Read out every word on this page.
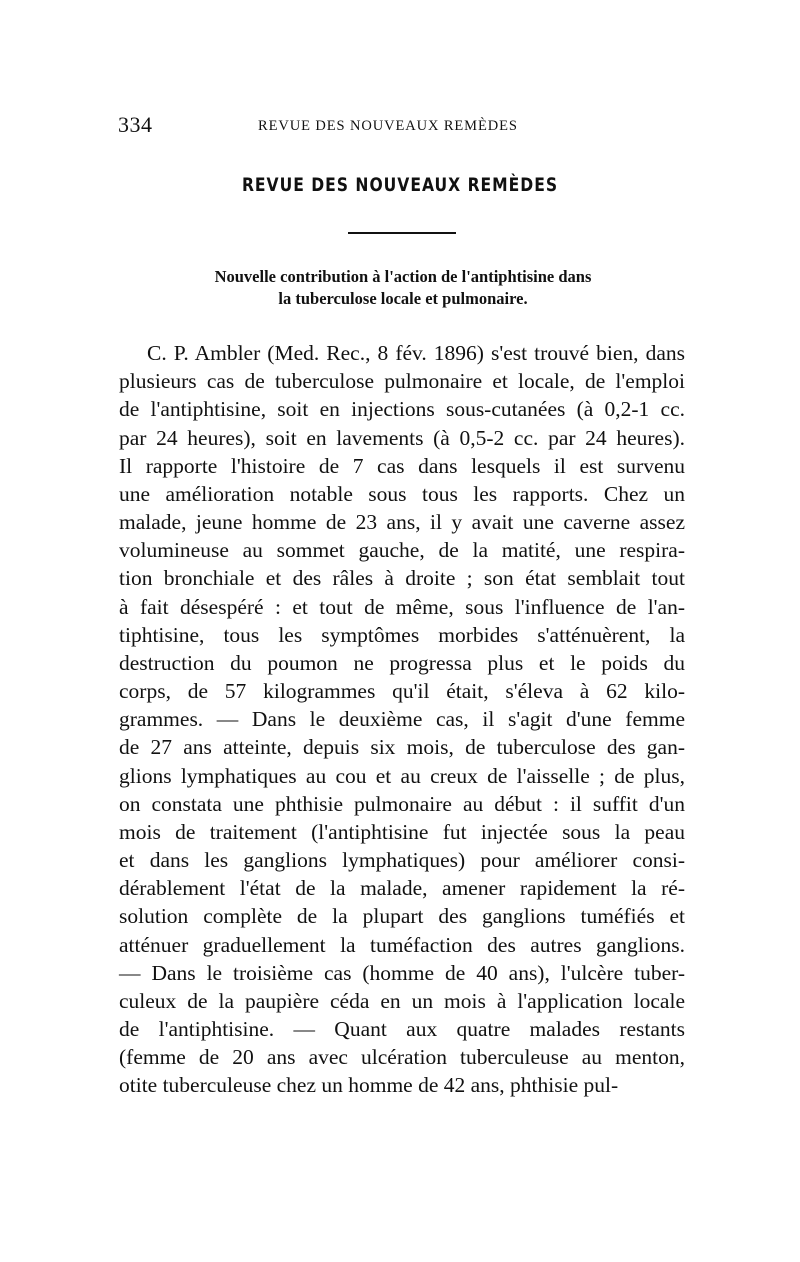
334	REVUE DES NOUVEAUX REMÈDES
REVUE DES NOUVEAUX REMÈDES
Nouvelle contribution à l'action de l'antiphtisine dans
la tuberculose locale et pulmonaire.
C. P. Ambler (Med. Rec., 8 fév. 1896) s'est trouvé bien, dans
plusieurs cas de tuberculose pulmonaire et locale, de l'emploi
de l'antiphtisine, soit en injections sous-cutanées (à 0,2-1 cc.
par 24 heures), soit en lavements (à 0,5-2 cc. par 24 heures).
Il rapporte l'histoire de 7 cas dans lesquels il est survenu
une amélioration notable sous tous les rapports. Chez un
malade, jeune homme de 23 ans, il y avait une caverne assez
volumineuse au sommet gauche, de la matité, une respira-
tion bronchiale et des râles à droite ; son état semblait tout
à fait désespéré : et tout de même, sous l'influence de l'an-
tiphtisine, tous les symptômes morbides s'atténuèrent, la
destruction du poumon ne progressa plus et le poids du
corps, de 57 kilogrammes qu'il était, s'éleva à 62 kilo-
grammes. — Dans le deuxième cas, il s'agit d'une femme
de 27 ans atteinte, depuis six mois, de tuberculose des gan-
glions lymphatiques au cou et au creux de l'aisselle ; de plus,
on constata une phthisie pulmonaire au début : il suffit d'un
mois de traitement (l'antiphtisine fut injectée sous la peau
et dans les ganglions lymphatiques) pour améliorer consi-
dérablement l'état de la malade, amener rapidement la ré-
solution complète de la plupart des ganglions tuméfiés et
atténuer graduellement la tuméfaction des autres ganglions.
— Dans le troisième cas (homme de 40 ans), l'ulcère tuber-
culeux de la paupière céda en un mois à l'application locale
de l'antiphtisine. — Quant aux quatre malades restants
(femme de 20 ans avec ulcération tuberculeuse au menton,
otite tuberculeuse chez un homme de 42 ans, phthisie pul-
